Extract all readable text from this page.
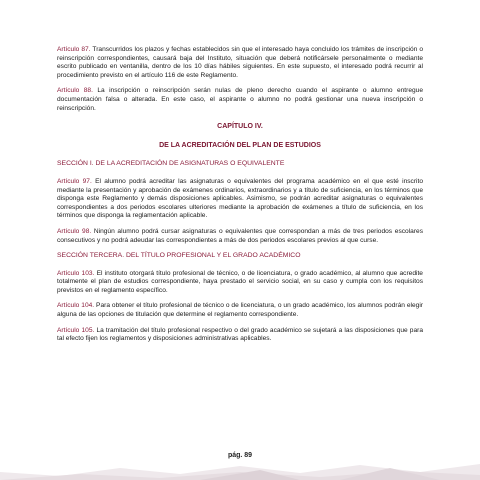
Artículo 87. Transcurridos los plazos y fechas establecidos sin que el interesado haya concluido los trámites de inscripción o reinscripción correspondientes, causará baja del Instituto, situación que deberá notificársele personalmente o mediante escrito publicado en ventanilla, dentro de los 10 días hábiles siguientes. En este supuesto, el interesado podrá recurrir al procedimiento previsto en el artículo 116 de este Reglamento.

Artículo 88. La inscripción o reinscripción serán nulas de pleno derecho cuando el aspirante o alumno entregue documentación falsa o alterada. En este caso, el aspirante o alumno no podrá gestionar una nueva inscripción o reinscripción.

CAPÍTULO IV.
DE LA ACREDITACIÓN DEL PLAN DE ESTUDIOS
SECCIÓN I. DE LA ACREDITACIÓN DE ASIGNATURAS O EQUIVALENTE

Artículo 97. El alumno podrá acreditar las asignaturas o equivalentes del programa académico en el que esté inscrito mediante la presentación y aprobación de exámenes ordinarios, extraordinarios y a título de suficiencia, en los términos que disponga este Reglamento y demás disposiciones aplicables. Asimismo, se podrán acreditar asignaturas o equivalentes correspondientes a dos periodos escolares ulteriores mediante la aprobación de exámenes a título de suficiencia, en los términos que disponga la reglamentación aplicable.

Artículo 98. Ningún alumno podrá cursar asignaturas o equivalentes que correspondan a más de tres periodos escolares consecutivos y no podrá adeudar las correspondientes a más de dos periodos escolares previos al que curse.

SECCIÓN TERCERA. DEL TÍTULO PROFESIONAL Y EL GRADO ACADÉMICO

Artículo 103. El instituto otorgará título profesional de técnico, o de licenciatura, o grado académico, al alumno que acredite totalmente el plan de estudios correspondiente, haya prestado el servicio social, en su caso y cumpla con los requisitos previstos en el reglamento específico.

Artículo 104. Para obtener el título profesional de técnico o de licenciatura, o un grado académico, los alumnos podrán elegir alguna de las opciones de titulación que determine el reglamento correspondiente.

Artículo 105. La tramitación del título profesional respectivo o del grado académico se sujetará a las disposiciones que para tal efecto fijen los reglamentos y disposiciones administrativas aplicables.

pág. 89
